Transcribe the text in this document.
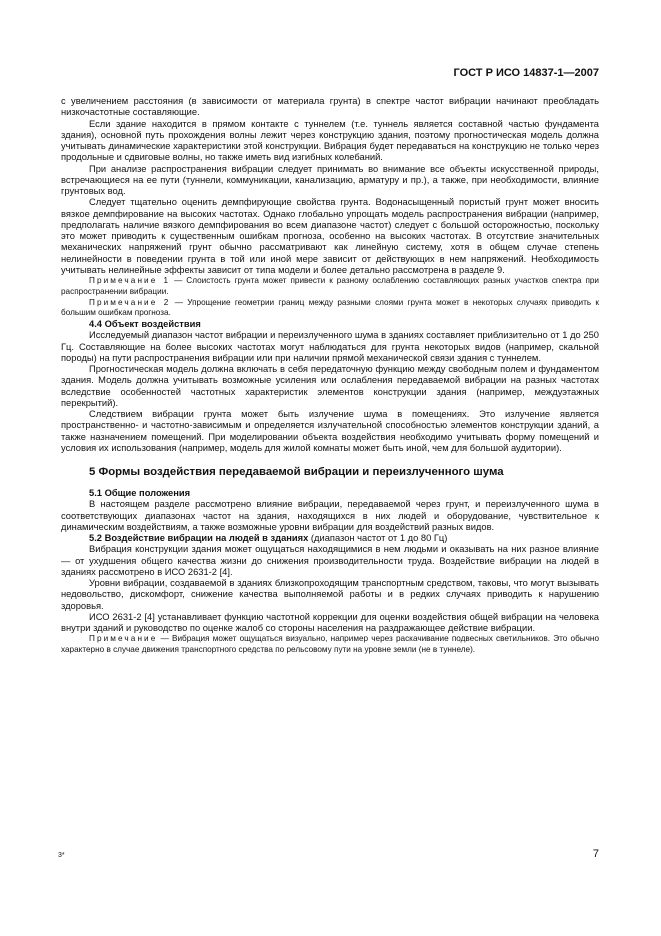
ГОСТ Р ИСО 14837-1—2007

с увеличением расстояния (в зависимости от материала грунта) в спектре частот вибрации начинают преобладать низкочастотные составляющие.

Если здание находится в прямом контакте с туннелем (т.е. туннель является составной частью фундамента здания), основной путь прохождения волны лежит через конструкцию здания, поэтому прогностическая модель должна учитывать динамические характеристики этой конструкции. Вибрация будет передаваться на конструкцию не только через продольные и сдвиговые волны, но также иметь вид изгибных колебаний.

При анализе распространения вибрации следует принимать во внимание все объекты искусственной природы, встречающиеся на ее пути (туннели, коммуникации, канализацию, арматуру и пр.), а также, при необходимости, влияние грунтовых вод.

Следует тщательно оценить демпфирующие свойства грунта. Водонасыщенный пористый грунт может вносить вязкое демпфирование на высоких частотах. Однако глобально упрощать модель распространения вибрации (например, предполагать наличие вязкого демпфирования во всем диапазоне частот) следует с большой осторожностью, поскольку это может приводить к существенным ошибкам прогноза, особенно на высоких частотах. В отсутствие значительных механических напряжений грунт обычно рассматривают как линейную систему, хотя в общем случае степень нелинейности в поведении грунта в той или иной мере зависит от действующих в нем напряжений. Необходимость учитывать нелинейные эффекты зависит от типа модели и более детально рассмотрена в разделе 9.

Примечание 1 — Слоистость грунта может привести к разному ослаблению составляющих разных участков спектра при распространении вибрации.

Примечание 2 — Упрощение геометрии границ между разными слоями грунта может в некоторых случаях приводить к большим ошибкам прогноза.

4.4 Объект воздействия

Исследуемый диапазон частот вибрации и переизлученного шума в зданиях составляет приблизительно от 1 до 250 Гц. Составляющие на более высоких частотах могут наблюдаться для грунта некоторых видов (например, скальной породы) на пути распространения вибрации или при наличии прямой механической связи здания с туннелем.

Прогностическая модель должна включать в себя передаточную функцию между свободным полем и фундаментом здания. Модель должна учитывать возможные усиления или ослабления передаваемой вибрации на разных частотах вследствие особенностей частотных характеристик элементов конструкции здания (например, междуэтажных перекрытий).

Следствием вибрации грунта может быть излучение шума в помещениях. Это излучение является пространственно- и частотно-зависимым и определяется излучательной способностью элементов конструкции зданий, а также назначением помещений. При моделировании объекта воздействия необходимо учитывать форму помещений и условия их использования (например, модель для жилой комнаты может быть иной, чем для большой аудитории).

5 Формы воздействия передаваемой вибрации и переизлученного шума
5.1 Общие положения

В настоящем разделе рассмотрено влияние вибрации, передаваемой через грунт, и переизлученного шума в соответствующих диапазонах частот на здания, находящихся в них людей и оборудование, чувствительное к динамическим воздействиям, а также возможные уровни вибрации для воздействий разных видов.

5.2 Воздействие вибрации на людей в зданиях (диапазон частот от 1 до 80 Гц)

Вибрация конструкции здания может ощущаться находящимися в нем людьми и оказывать на них разное влияние — от ухудшения общего качества жизни до снижения производительности труда. Воздействие вибрации на людей в зданиях рассмотрено в ИСО 2631-2 [4].

Уровни вибрации, создаваемой в зданиях близкопроходящим транспортным средством, таковы, что могут вызывать недовольство, дискомфорт, снижение качества выполняемой работы и в редких случаях приводить к нарушению здоровья.

ИСО 2631-2 [4] устанавливает функцию частотной коррекции для оценки воздействия общей вибрации на человека внутри зданий и руководство по оценке жалоб со стороны населения на раздражающее действие вибрации.

Примечание — Вибрация может ощущаться визуально, например через раскачивание подвесных светильников. Это обычно характерно в случае движения транспортного средства по рельсовому пути на уровне земли (не в туннеле).

3*	7
